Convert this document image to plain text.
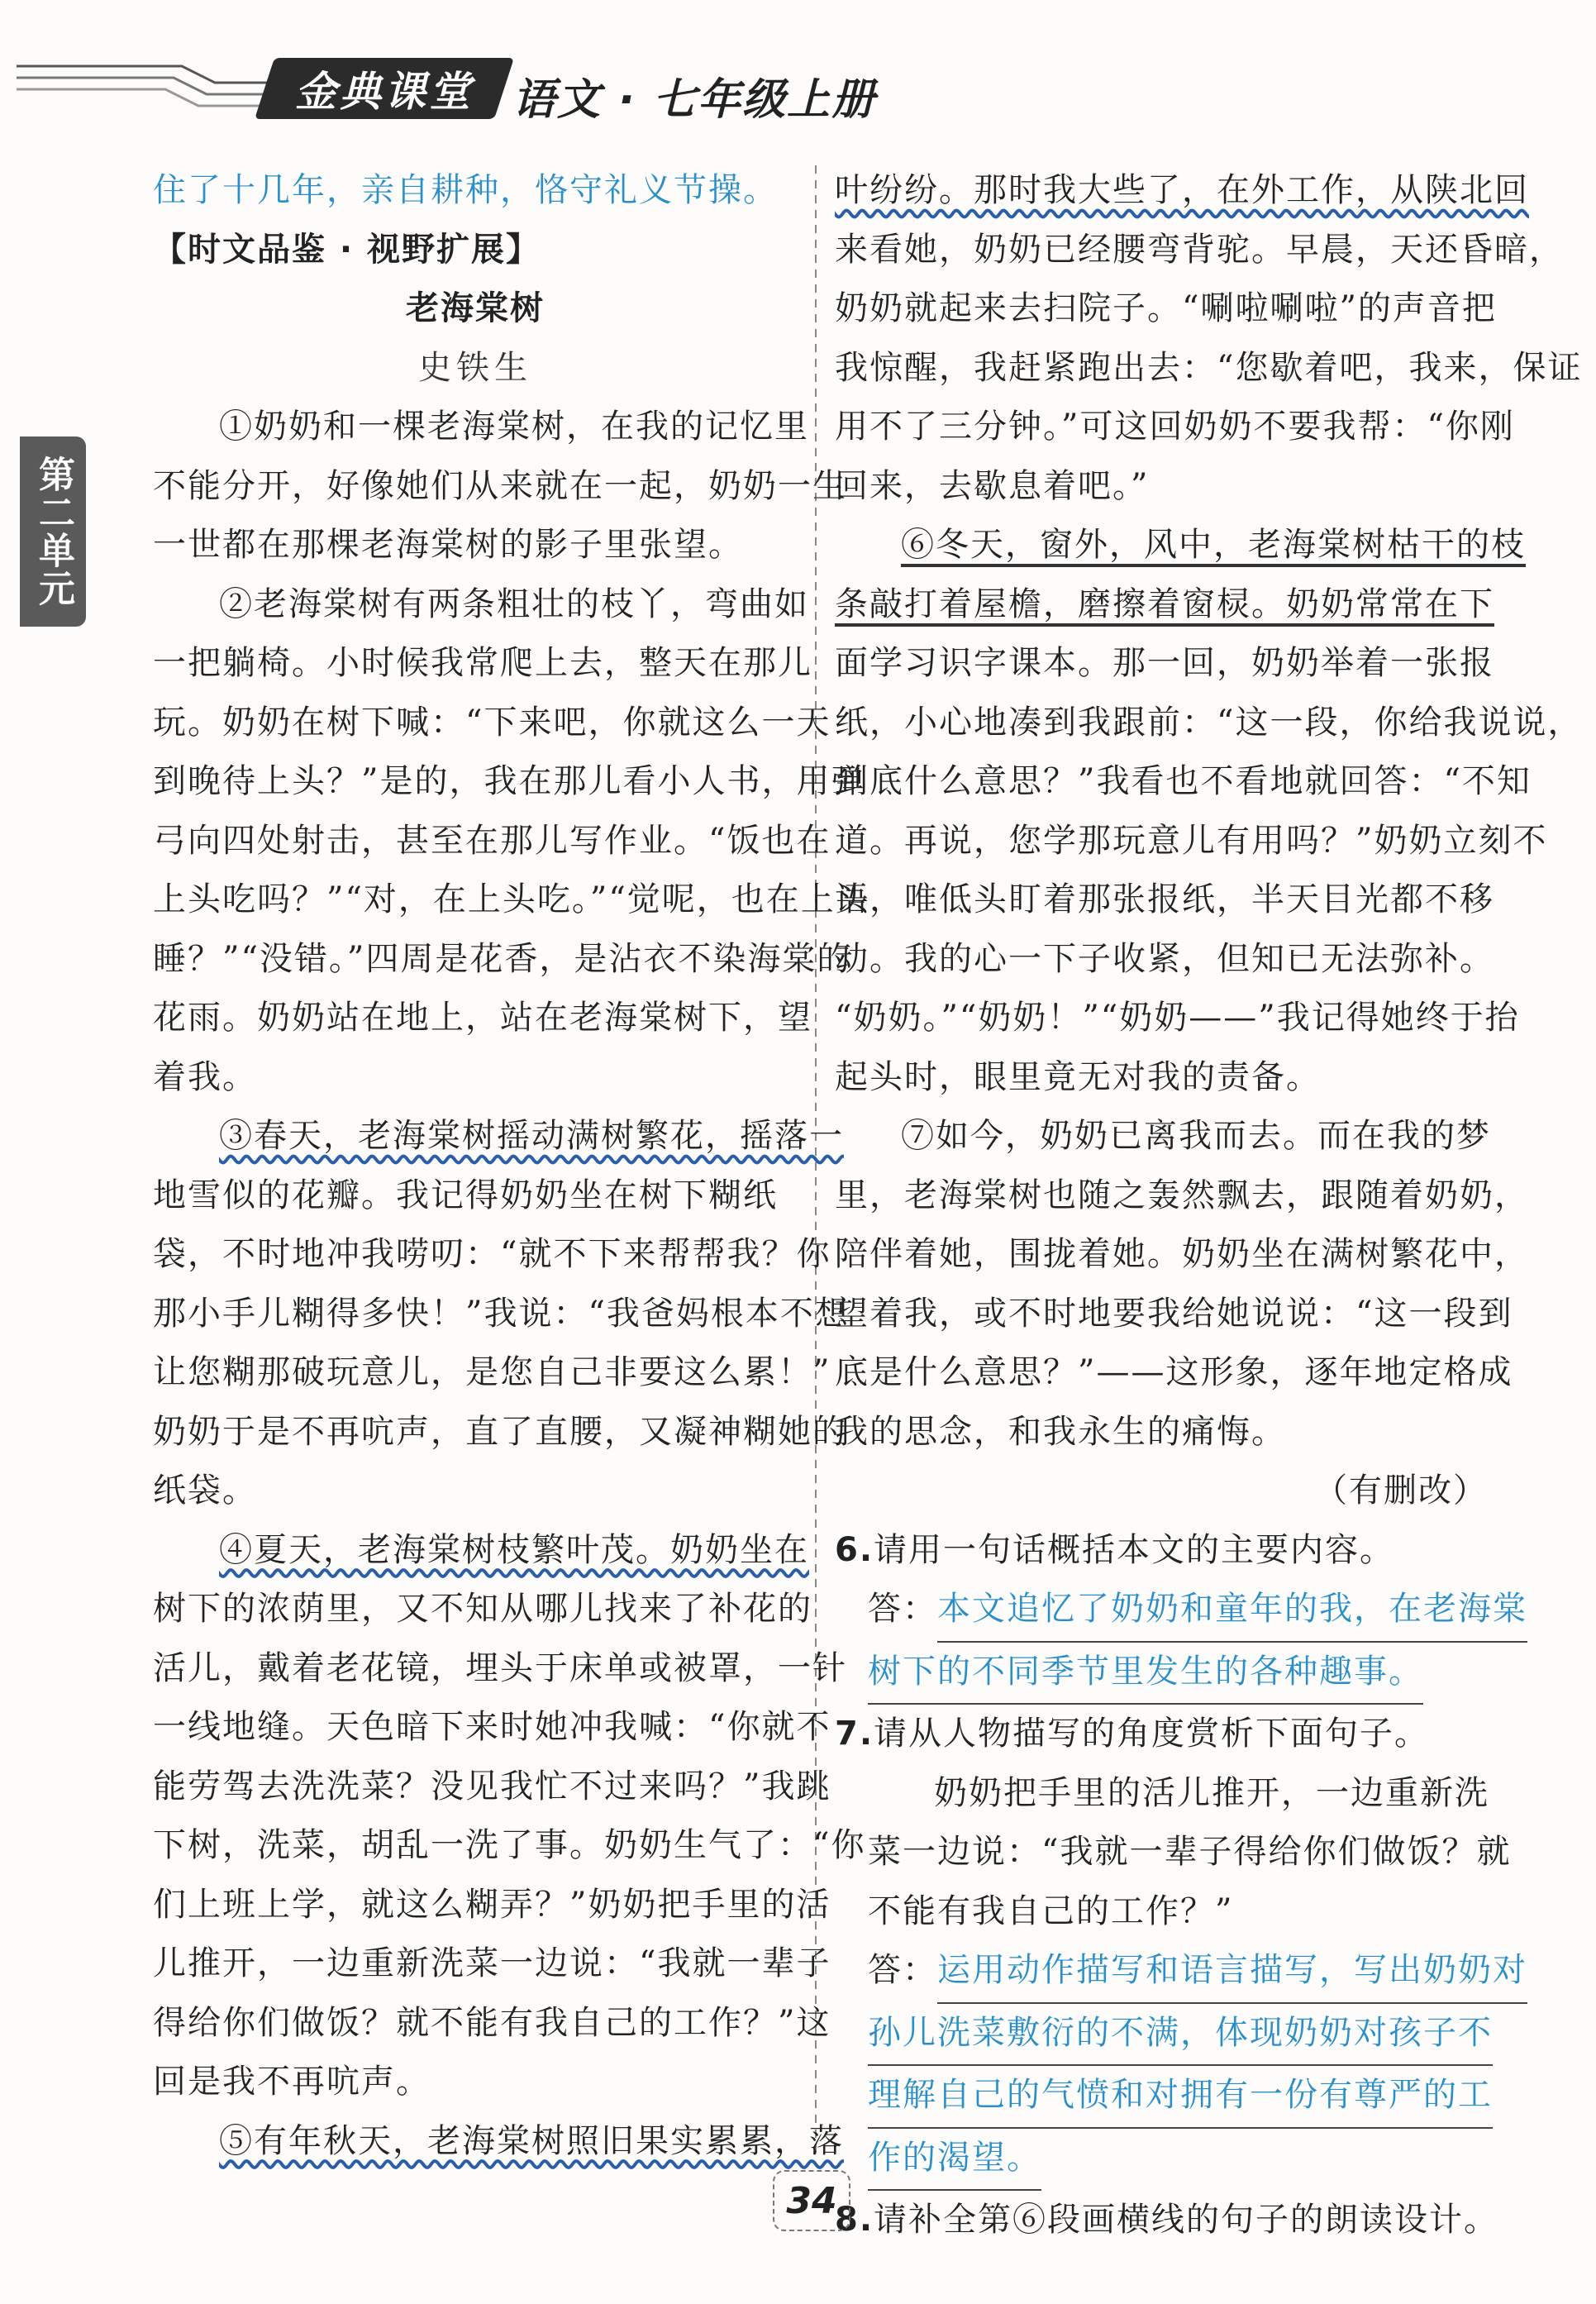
金典课堂 语文 · 七年级上册
第二单元
住了十几年，亲自耕种，恪守礼义节操。
【时文品鉴 · 视野扩展】
老海棠树
史铁生
①奶奶和一棵老海棠树，在我的记忆里
不能分开，好像她们从来就在一起，奶奶一生
一世都在那棵老海棠树的影子里张望。
②老海棠树有两条粗壮的枝丫，弯曲如
一把躺椅。小时候我常爬上去，整天在那儿
玩。奶奶在树下喊：“下来吧，你就这么一天
到晚待上头？”是的，我在那儿看小人书，用弹
弓向四处射击，甚至在那儿写作业。“饭也在
上头吃吗？”“对，在上头吃。”“觉呢，也在上头
睡？”“没错。”四周是花香，是沾衣不染海棠的
花雨。奶奶站在地上，站在老海棠树下，望
着我。
③春天，老海棠树摇动满树繁花，摇落一
地雪似的花瓣。我记得奶奶坐在树下糊纸
袋，不时地冲我唠叨：“就不下来帮帮我？你
那小手儿糊得多快！”我说：“我爸妈根本不想
让您糊那破玩意儿，是您自己非要这么累！”
奶奶于是不再吭声，直了直腰，又凝神糊她的
纸袋。
④夏天，老海棠树枝繁叶茂。奶奶坐在
树下的浓荫里，又不知从哪儿找来了补花的
活儿，戴着老花镜，埋头于床单或被罩，一针
一线地缝。天色暗下来时她冲我喊：“你就不
能劳驾去洗洗菜？没见我忙不过来吗？”我跳
下树，洗菜，胡乱一洗了事。奶奶生气了：“你
们上班上学，就这么糊弄？”奶奶把手里的活
儿推开，一边重新洗菜一边说：“我就一辈子
得给你们做饭？就不能有我自己的工作？”这
回是我不再吭声。
⑤有年秋天，老海棠树照旧果实累累，落
叶纷纷。那时我大些了，在外工作，从陕北回
来看她，奶奶已经腰弯背驼。早晨，天还昏暗，
奶奶就起来去扫院子。“唰啦唰啦”的声音把
我惊醒，我赶紧跑出去：“您歇着吧，我来，保证
用不了三分钟。”可这回奶奶不要我帮：“你刚
回来，去歇息着吧。”
⑥冬天，窗外，风中，老海棠树枯干的枝
条敲打着屋檐，磨擦着窗棂。奶奶常常在下
面学习识字课本。那一回，奶奶举着一张报
纸，小心地凑到我跟前：“这一段，你给我说说，
到底什么意思？”我看也不看地就回答：“不知
道。再说，您学那玩意儿有用吗？”奶奶立刻不
语，唯低头盯着那张报纸，半天目光都不移
动。我的心一下子收紧，但知已无法弥补。
“奶奶。”“奶奶！”“奶奶——”我记得她终于抬
起头时，眼里竟无对我的责备。
⑦如今，奶奶已离我而去。而在我的梦
里，老海棠树也随之轰然飘去，跟随着奶奶，
陪伴着她，围拢着她。奶奶坐在满树繁花中，
望着我，或不时地要我给她说说：“这一段到
底是什么意思？”——这形象，逐年地定格成
我的思念，和我永生的痛悔。
（有删改）
6.请用一句话概括本文的主要内容。
答：本文追忆了奶奶和童年的我，在老海棠
树下的不同季节里发生的各种趣事。
7.请从人物描写的角度赏析下面句子。
奶奶把手里的活儿推开，一边重新洗
菜一边说：“我就一辈子得给你们做饭？就
不能有我自己的工作？”
答：运用动作描写和语言描写，写出奶奶对
孙儿洗菜敷衍的不满，体现奶奶对孩子不
理解自己的气愤和对拥有一份有尊严的工
作的渴望。
8.请补全第⑥段画横线的句子的朗读设计。
34
